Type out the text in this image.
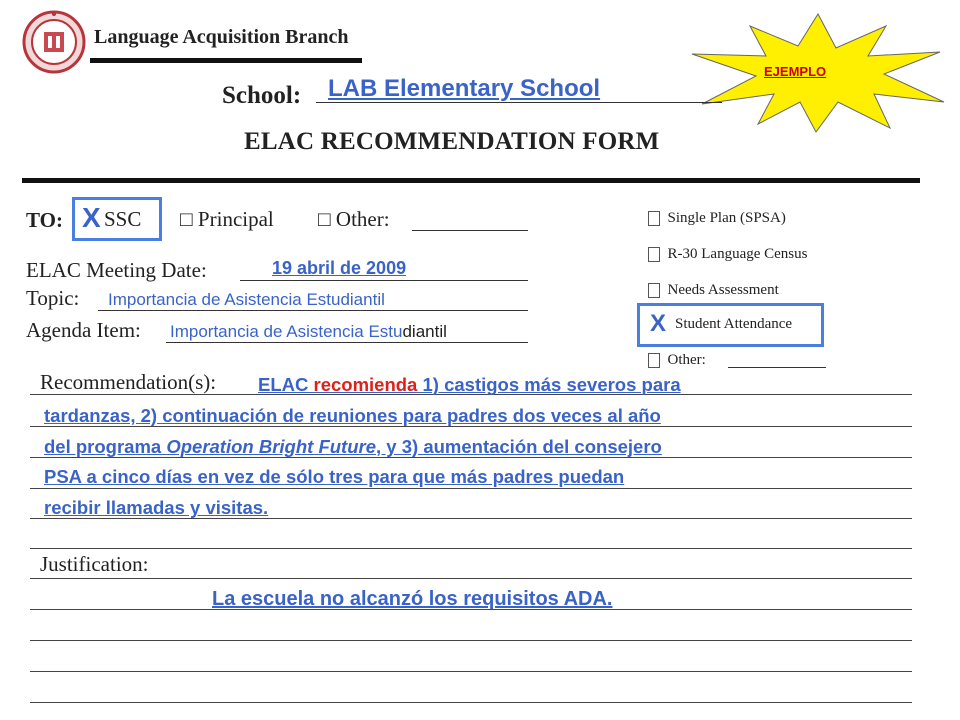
Language Acquisition Branch
EJEMPLO
School: LAB Elementary School
ELAC RECOMMENDATION FORM
TO: X SSC □ Principal □ Other:
ELAC Meeting Date:	19 abril de 2009
Topic: Importancia de Asistencia Estudiantil
Agenda Item: Importancia de Asistencia Estudiantil
Single Plan (SPSA)
R-30 Language Census
Needs Assessment
X Student Attendance
Other:
Recommendation(s): ELAC recomienda 1) castigos más severos para
tardanzas, 2) continuación de reuniones para padres dos veces al año
del programa Operation Bright Future, y 3) aumentación del consejero
PSA a cinco días en vez de sólo tres para que más padres puedan
recibir llamadas y visitas.
Justification:
La escuela no alcanzó los requisitos ADA.
